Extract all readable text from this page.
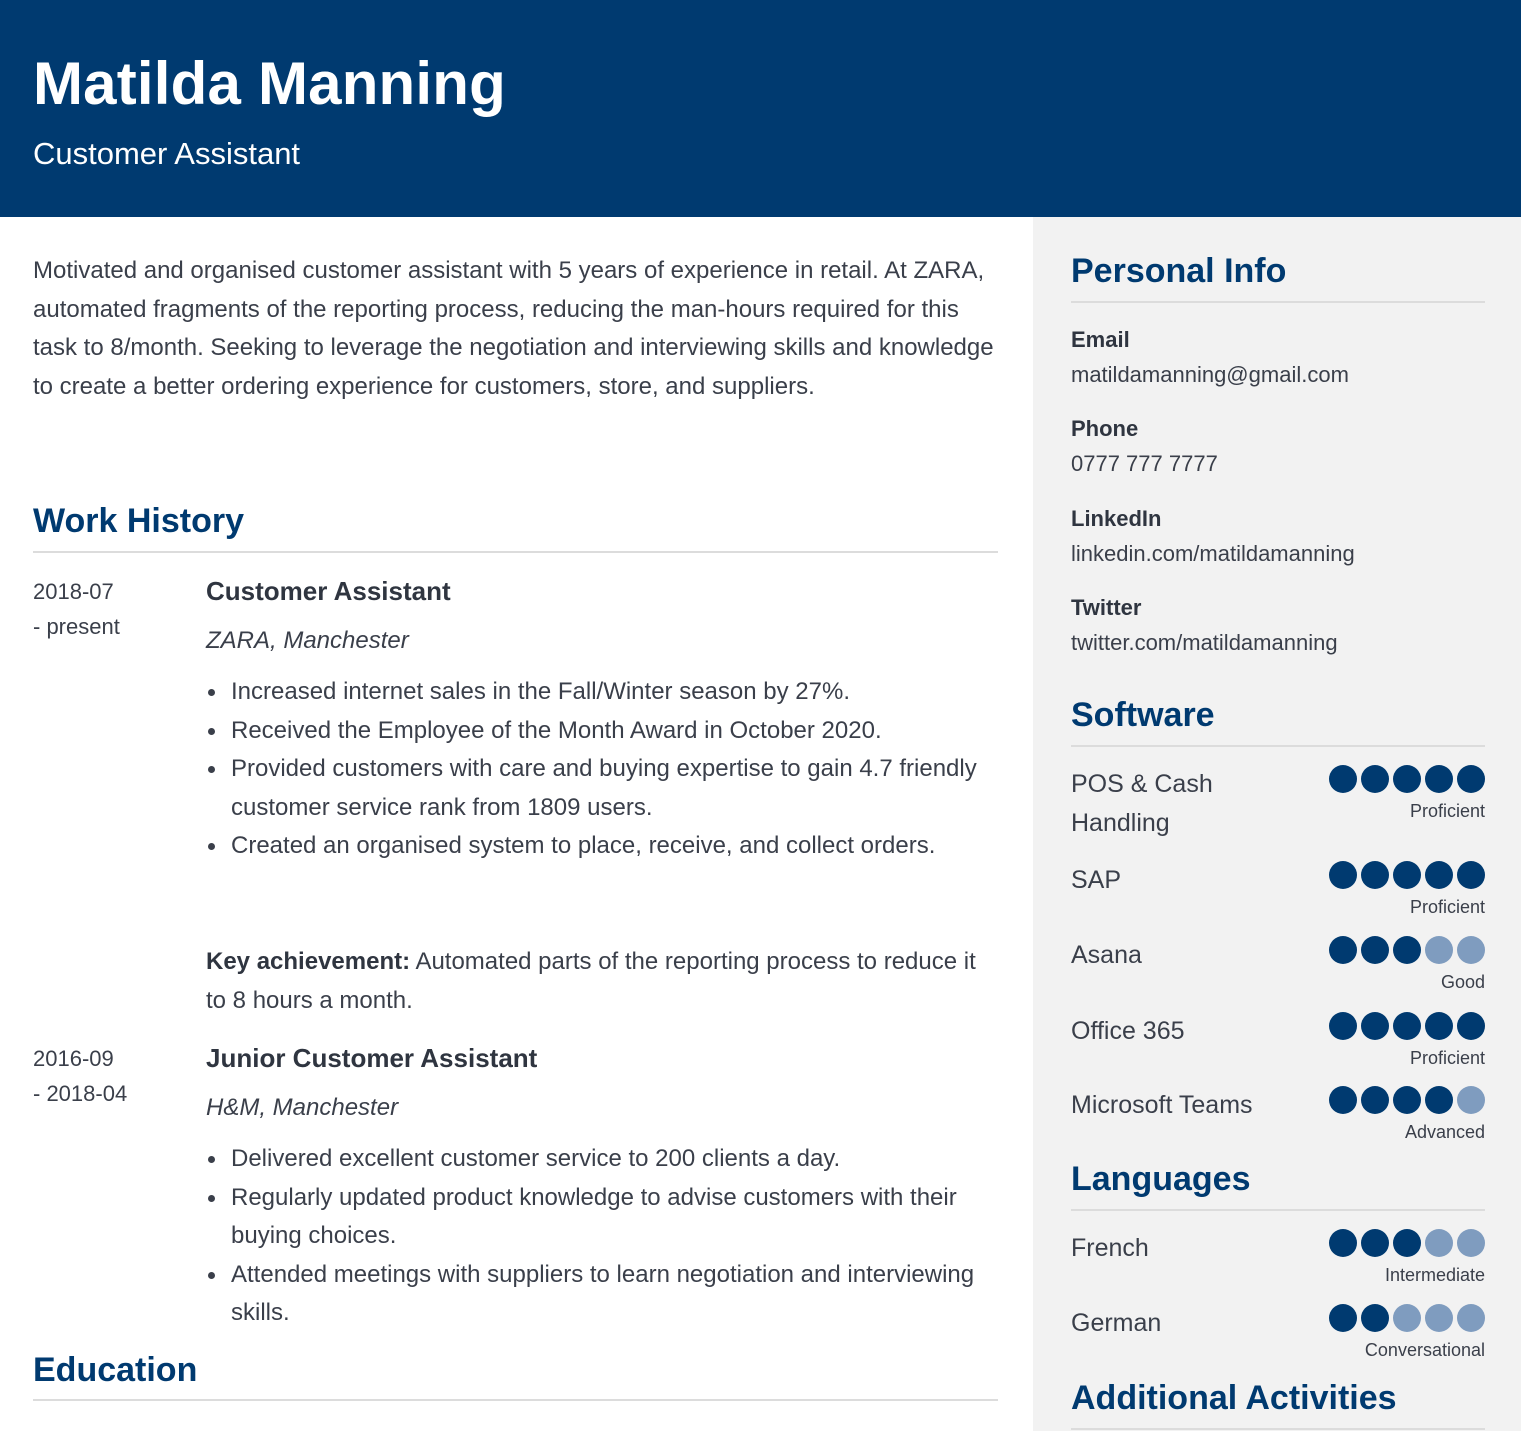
Matilda Manning
Customer Assistant

Motivated and organised customer assistant with 5 years of experience in retail. At ZARA, automated fragments of the reporting process, reducing the man-hours required for this task to 8/month. Seeking to leverage the negotiation and interviewing skills and knowledge to create a better ordering experience for customers, store, and suppliers.

Work History
2018-07
- present
Customer Assistant
ZARA, Manchester
Increased internet sales in the Fall/Winter season by 27%.
Received the Employee of the Month Award in October 2020.
Provided customers with care and buying expertise to gain 4.7 friendly customer service rank from 1809 users.
Created an organised system to place, receive, and collect orders.
Key achievement: Automated parts of the reporting process to reduce it to 8 hours a month.
2016-09
- 2018-04
Junior Customer Assistant
H&M, Manchester
Delivered excellent customer service to 200 clients a day.
Regularly updated product knowledge to advise customers with their buying choices.
Attended meetings with suppliers to learn negotiation and interviewing skills.
Education
Personal Info
Email
matildamanning@gmail.com
Phone
0777 777 7777
LinkedIn
linkedin.com/matildamanning
Twitter
twitter.com/matildamanning
Software
POS & Cash Handling	Proficient
SAP
Proficient
Asana
Good
Office 365
Proficient
Microsoft Teams
Advanced
Languages
French
Intermediate
German
Conversational
Additional Activities
